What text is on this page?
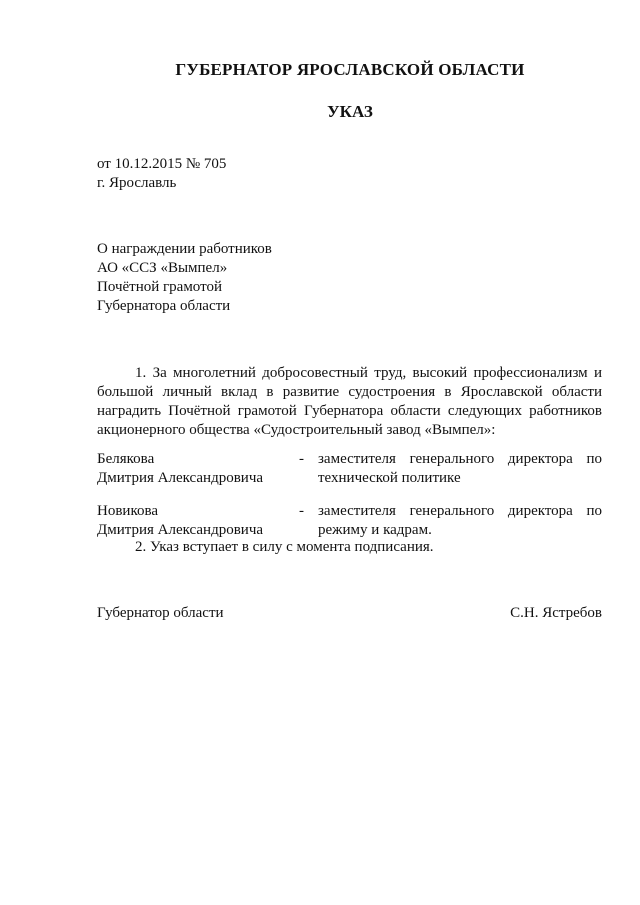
ГУБЕРНАТОР ЯРОСЛАВСКОЙ ОБЛАСТИ
УКАЗ
от 10.12.2015 № 705
г. Ярославль
О награждении работников
АО «ССЗ «Вымпел»
Почётной грамотой
Губернатора области

1. За многолетний добросовестный труд, высокий профессионализм и большой личный вклад в развитие судостроения в Ярославской области наградить Почётной грамотой Губернатора области следующих работников акционерного общества «Судостроительный завод «Вымпел»:

Белякова
Дмитрия Александровича
- заместителя генерального директора по технической политике
Новикова
Дмитрия Александровича
- заместителя генерального директора по режиму и кадрам.
2. Указ вступает в силу с момента подписания.
Губернатор области	С.Н. Ястребов
